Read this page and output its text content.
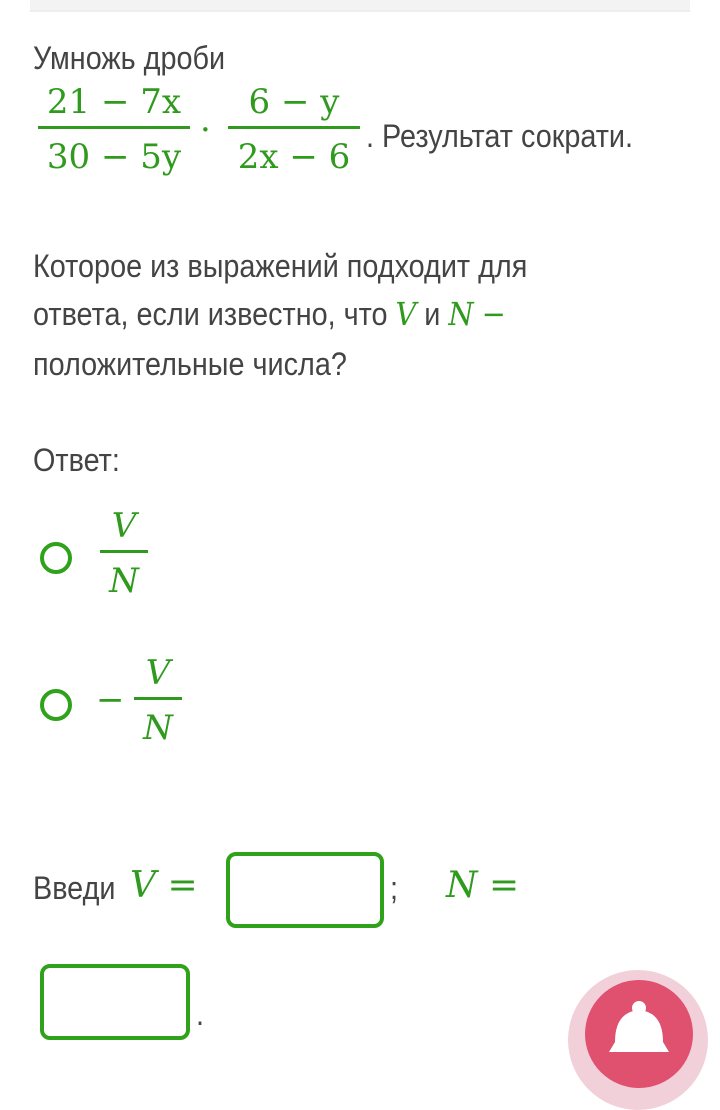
Умножь дроби
21 − 7x
30 − 5y
·
6 − y
2x − 6
. Результат сократи.
Которое из выражений подходит для
ответа, если известно, что V и N −
положительные числа?
Ответ:
V
N
−
V
N
Введи V =	; N =
.
